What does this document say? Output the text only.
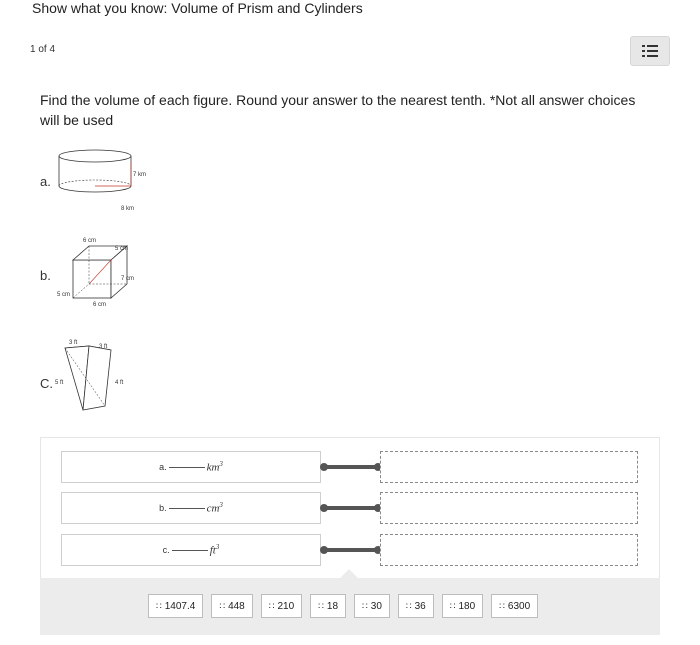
Show what you know: Volume of Prism and Cylinders
1 of 4
Find the volume of each figure. Round your answer to the nearest tenth. *Not all answer choices will be used
a.	7 km
8 km
b.
6 cm
5 cm
7 cm
5 cm
6 cm
C.
3 ft
3 ft
5 ft	4 ft
a.	$km^3$
b.	$cm^3$
c.	$ft^3$
∷ 1407.4	∷ 448	∷ 210	∷ 18	∷ 30	∷ 36	∷ 180	∷ 6300
